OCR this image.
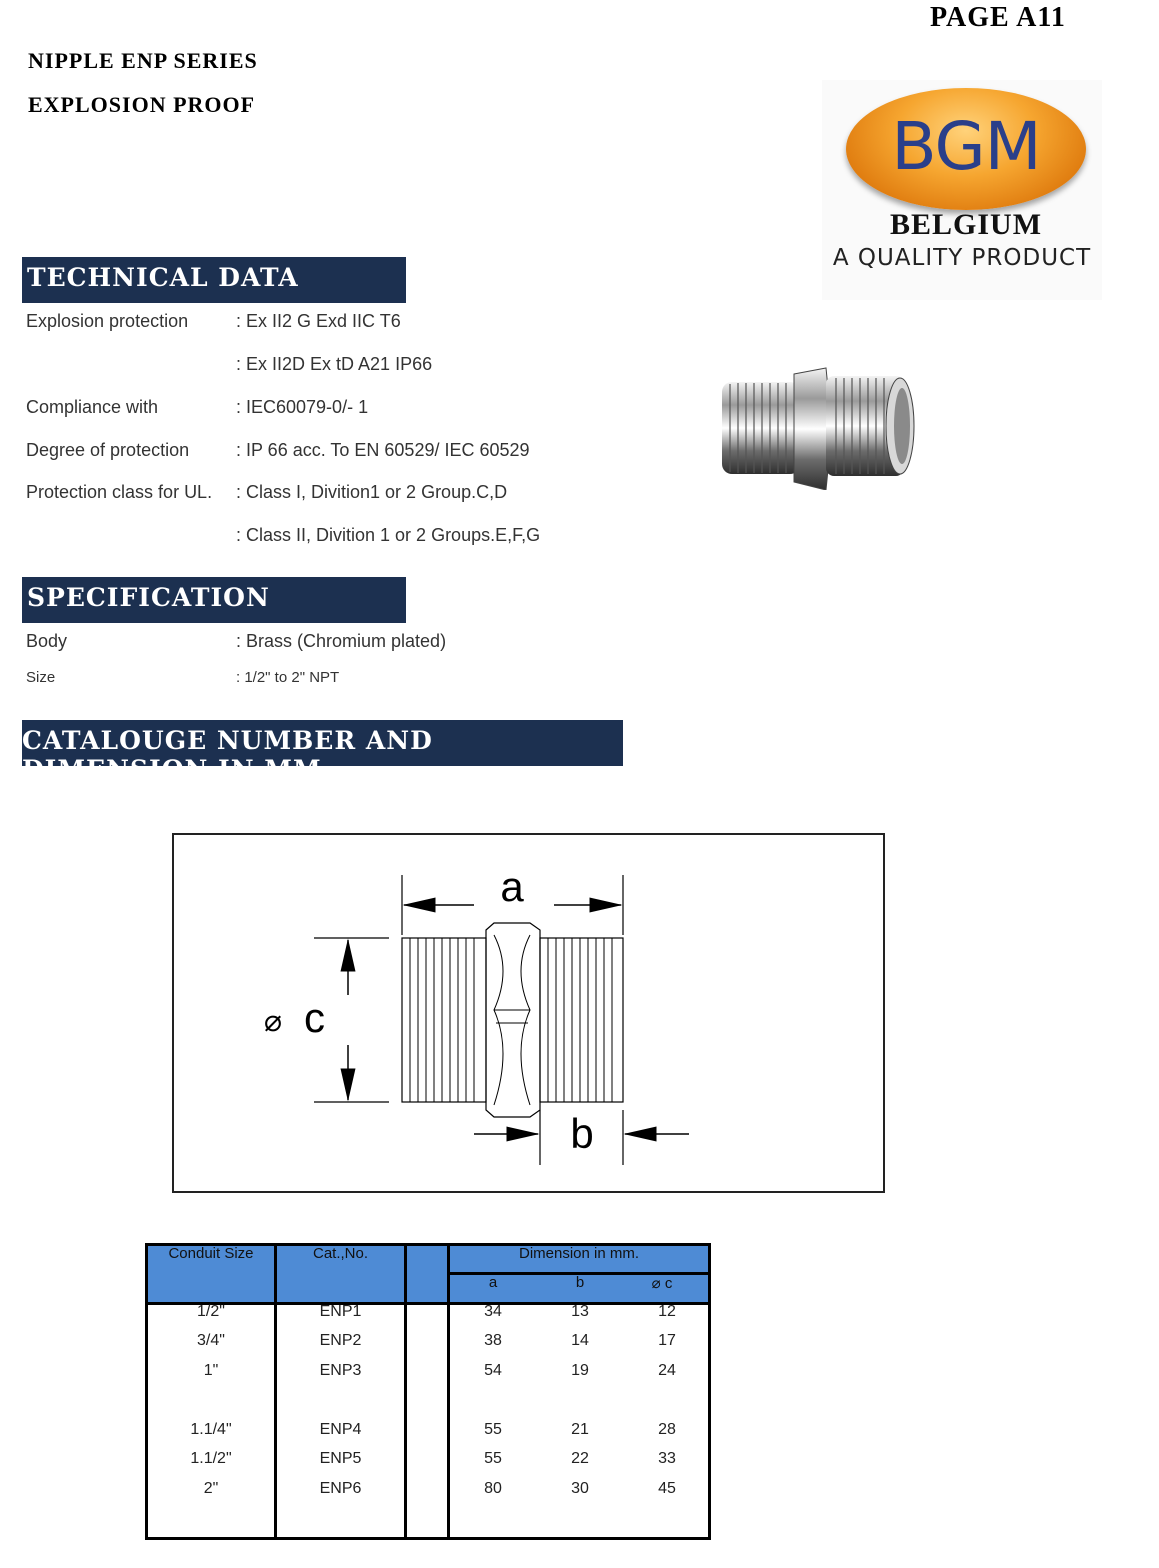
PAGE A11
NIPPLE ENP SERIES
EXPLOSION PROOF
BGM
BELGIUM
A QUALITY PRODUCT
TECHNICAL DATA
Explosion protection	: Ex II2 G Exd IIC T6
: Ex II2D Ex tD A21 IP66
Compliance with	: IEC60079-0/- 1
Degree of protection	: IP 66 acc. To EN 60529/ IEC 60529
Protection class for UL. : Class I, Divition1 or 2 Group.C,D
: Class II, Divition 1 or 2 Groups.E,F,G
SPECIFICATION
Body	: Brass (Chromium plated)
Size	: 1/2" to 2" NPT
CATALOUGE NUMBER AND DIMENSION IN MM.
a
⌀ c
b
Conduit Size	Cat.,No.	Dimension in mm.
a	b	⌀ c
1/2"	ENP1	34	13	12
3/4"	ENP2	38	14	17
1"	ENP3	54	19	24
1.1/4"	ENP4	55	21	28
1.1/2"	ENP5	55	22	33
2"	ENP6	80	30	45
